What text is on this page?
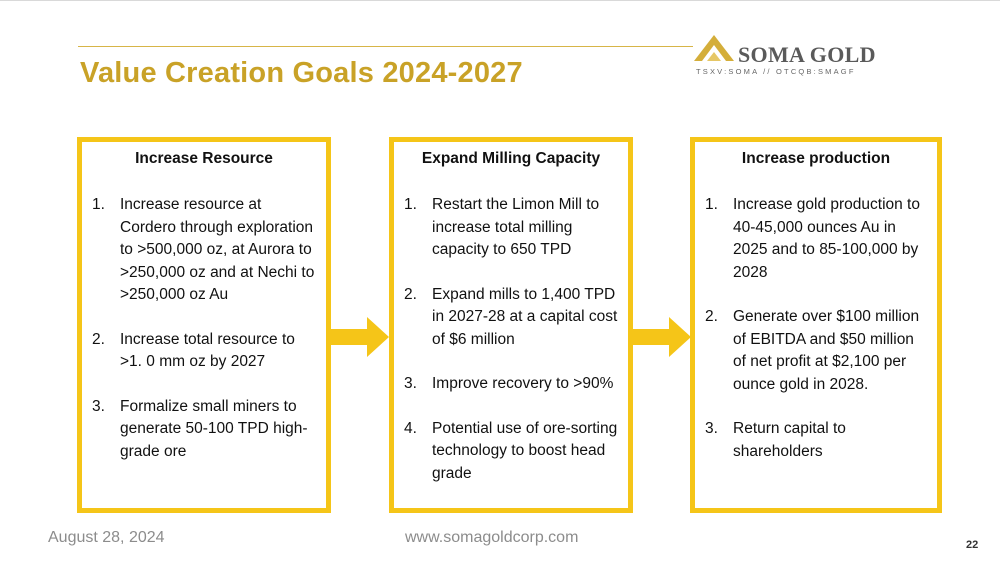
Value Creation Goals 2024-2027
SOMA GOLD
TSXV:SOMA // OTCQB:SMAGF
Increase Resource
1. Increase resource at Cordero through exploration to >500,000 oz, at Aurora to >250,000 oz and at Nechi to >250,000 oz Au
2. Increase total resource to >1. 0 mm oz by 2027
3. Formalize small miners to generate 50-100 TPD high-grade ore
Expand Milling Capacity
1. Restart the Limon Mill to increase total milling capacity to 650 TPD
2. Expand mills to 1,400 TPD in 2027-28 at a capital cost of $6 million
3. Improve recovery to >90%
4. Potential use of ore-sorting technology to boost head grade
Increase production
1. Increase gold production to 40-45,000 ounces Au in 2025 and to 85-100,000 by 2028
2. Generate over $100 million of EBITDA and $50 million of net profit at $2,100 per ounce gold in 2028.
3. Return capital to shareholders
August 28, 2024	www.somagoldcorp.com	22
